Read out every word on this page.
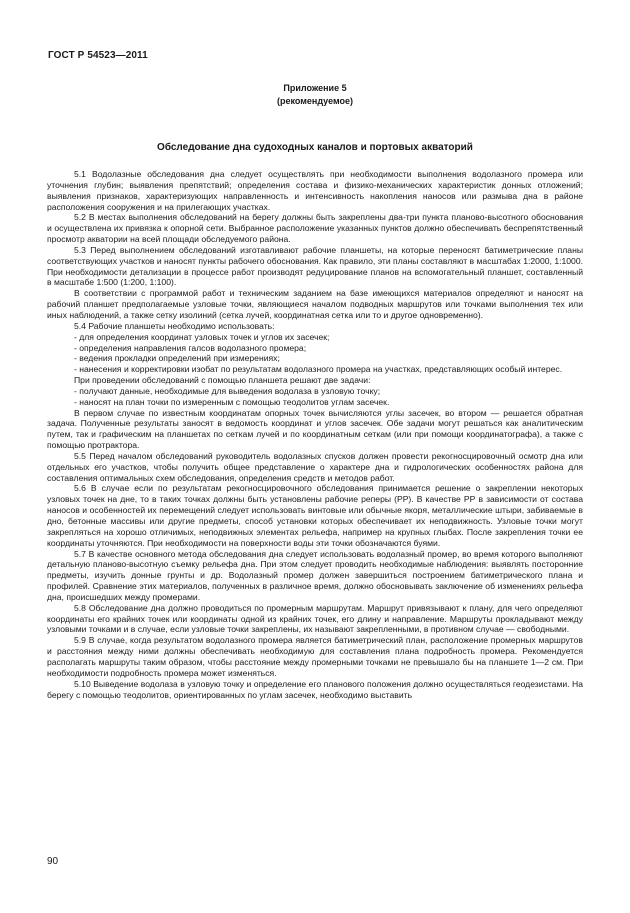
ГОСТ Р 54523—2011
Приложение 5
(рекомендуемое)
Обследование дна судоходных каналов и портовых акваторий

5.1 Водолазные обследования дна следует осуществлять при необходимости выполнения водолазного промера или уточнения глубин; выявления препятствий; определения состава и физико-механических характеристик донных отложений; выявления признаков, характеризующих направленность и интенсивность накопления наносов или размыва дна в районе расположения сооружения и на прилегающих участках.

5.2 В местах выполнения обследований на берегу должны быть закреплены два-три пункта планово-высотного обоснования и осуществлена их привязка к опорной сети. Выбранное расположение указанных пунктов должно обеспечивать беспрепятственный просмотр акватории на всей площади обследуемого района.

5.3 Перед выполнением обследований изготавливают рабочие планшеты, на которые переносят батиметрические планы соответствующих участков и наносят пункты рабочего обоснования. Как правило, эти планы составляют в масштабах 1:2000, 1:1000. При необходимости детализации в процессе работ производят редуцирование планов на вспомогательный планшет, составленный в масштабе 1:500 (1:200, 1:100).

В соответствии с программой работ и техническим заданием на базе имеющихся материалов определяют и наносят на рабочий планшет предполагаемые узловые точки, являющиеся началом подводных маршрутов или точками выполнения тех или иных наблюдений, а также сетку изолиний (сетка лучей, координатная сетка или то и другое одновременно).

5.4 Рабочие планшеты необходимо использовать:

- для определения координат узловых точек и углов их засечек;

- определения направления галсов водолазного промера;

- ведения прокладки определений при измерениях;

- нанесения и корректировки изобат по результатам водолазного промера на участках, представляющих особый интерес.

При проведении обследований с помощью планшета решают две задачи:

- получают данные, необходимые для выведения водолаза в узловую точку;

- наносят на план точки по измеренным с помощью теодолитов углам засечек.

В первом случае по известным координатам опорных точек вычисляются углы засечек, во втором — решается обратная задача. Полученные результаты заносят в ведомость координат и углов засечек. Обе задачи могут решаться как аналитическим путем, так и графическим на планшетах по сеткам лучей и по координатным сеткам (или при помощи координатографа), а также с помощью протрактора.

5.5 Перед началом обследований руководитель водолазных спусков должен провести рекогносцировочный осмотр дна или отдельных его участков, чтобы получить общее представление о характере дна и гидрологических особенностях района для составления оптимальных схем обследования, определения средств и методов работ.

5.6 В случае если по результатам рекогносцировочного обследования принимается решение о закреплении некоторых узловых точек на дне, то в таких точках должны быть установлены рабочие реперы (РР). В качестве РР в зависимости от состава наносов и особенностей их перемещений следует использовать винтовые или обычные якоря, металлические штыри, забиваемые в дно, бетонные массивы или другие предметы, способ установки которых обеспечивает их неподвижность. Узловые точки могут закрепляться на хорошо отличимых, неподвижных элементах рельефа, например на крупных глыбах. После закрепления точки ее координаты уточняются. При необходимости на поверхности воды эти точки обозначаются буями.

5.7 В качестве основного метода обследования дна следует использовать водолазный промер, во время которого выполняют детальную планово-высотную съемку рельефа дна. При этом следует проводить необходимые наблюдения: выявлять посторонние предметы, изучить донные грунты и др. Водолазный промер должен завершиться построением батиметрического плана и профилей. Сравнение этих материалов, полученных в различное время, должно обосновывать заключение об изменениях рельефа дна, происшедших между промерами.

5.8 Обследование дна должно проводиться по промерным маршрутам. Маршрут привязывают к плану, для чего определяют координаты его крайних точек или координаты одной из крайних точек, его длину и направление. Маршруты прокладывают между узловыми точками и в случае, если узловые точки закреплены, их называют закрепленными, в противном случае — свободными.

5.9 В случае, когда результатом водолазного промера является батиметрический план, расположение промерных маршрутов и расстояния между ними должны обеспечивать необходимую для составления плана подробность промера. Рекомендуется располагать маршруты таким образом, чтобы расстояние между промерными точками не превышало бы на планшете 1—2 см. При необходимости подробность промера может изменяться.

5.10 Выведение водолаза в узловую точку и определение его планового положения должно осуществляться геодезистами. На берегу с помощью теодолитов, ориентированных по углам засечек, необходимо выставить

90
